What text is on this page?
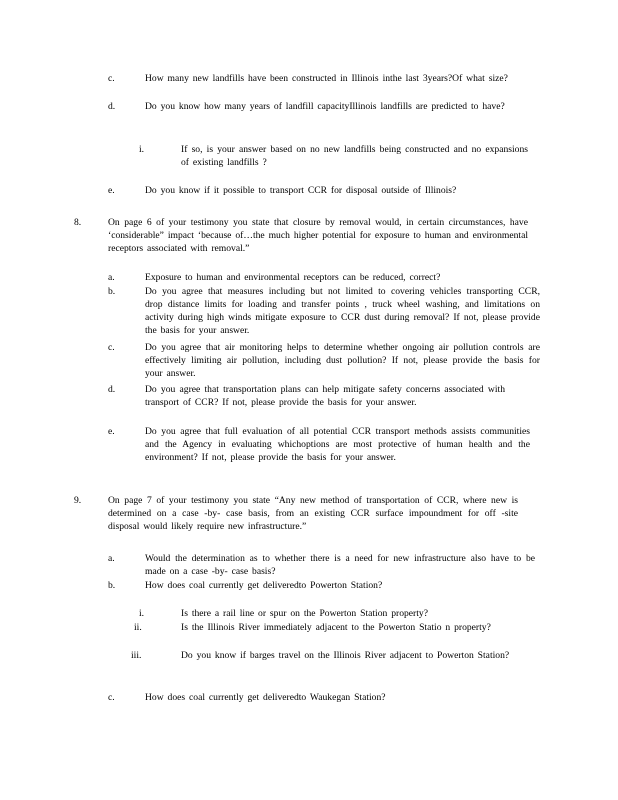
c.	How many new landfills have been constructed in Illinois inthe last 3years?Of what size?

d.	Do you know how many years of landfill capacityIllinois landfills are predicted to have?

i.	If so, is your answer based on no new landfills being constructed and no expansions of existing landfills ?

e.	Do you know if it possible to transport CCR for disposal outside of Illinois?

8.	On page 6 of your testimony you state that closure by removal would, in certain circumstances, have ‘considerable” impact ‘because of…the much higher potential for exposure to human and environmental receptors associated with removal.”

a.	Exposure to human and environmental receptors can be reduced, correct?

b.	Do you agree that measures including but not limited to covering vehicles transporting CCR, drop distance limits for loading and transfer points , truck wheel washing, and limitations on activity during high winds mitigate exposure to CCR dust during removal? If not, please provide the basis for your answer.

c.	Do you agree that air monitoring helps to determine whether ongoing air pollution controls are effectively limiting air pollution, including dust pollution? If not, please provide the basis for your answer.

d.	Do you agree that transportation plans can help mitigate safety concerns associated with transport of CCR? If not, please provide the basis for your answer.

e.	Do you agree that full evaluation of all potential CCR transport methods assists communities and the Agency in evaluating whichoptions are most protective of human health and the environment? If not, please provide the basis for your answer.

9.	On page 7 of your testimony you state “Any new method of transportation of CCR, where new is determined on a case -by- case basis, from an existing CCR surface impoundment for off -site disposal would likely require new infrastructure.”

a.	Would the determination as to whether there is a need for new infrastructure also have to be made on a case -by- case basis?

b.	How does coal currently get deliveredto Powerton Station?

i.	Is there a rail line or spur on the Powerton Station property?

ii.	Is the Illinois River immediately adjacent to the Powerton Statio n property?

iii.	Do you know if barges travel on the Illinois River adjacent to Powerton Station?

c.	How does coal currently get deliveredto Waukegan Station?
